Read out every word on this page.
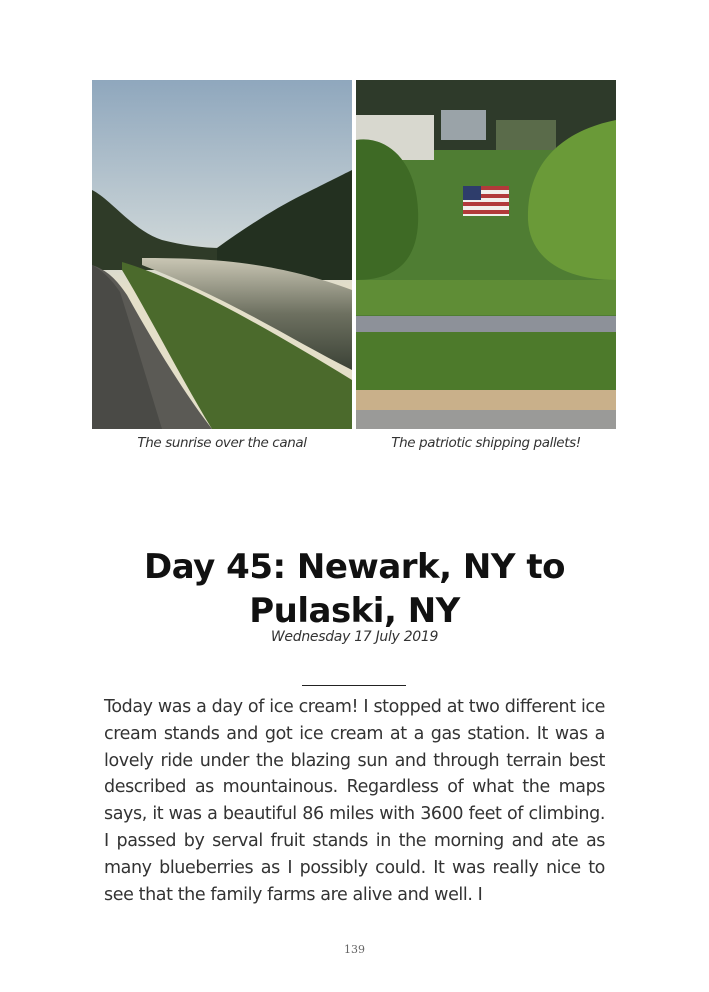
The sunrise over the canal	The patriotic shipping pallets!
Day 45: Newark, NY to
Pulaski, NY
Wednesday 17 July 2019
Today was a day of ice cream! I stopped at two different ice cream stands and got ice cream at a gas station. It was a lovely ride under the blazing sun and through terrain best described as mountainous. Regardless of what the maps says, it was a beautiful 86 miles with 3600 feet of climbing. I passed by serval fruit stands in the morning and ate as many blueberries as I possibly could. It was really nice to see that the family farms are alive and well. I
139
